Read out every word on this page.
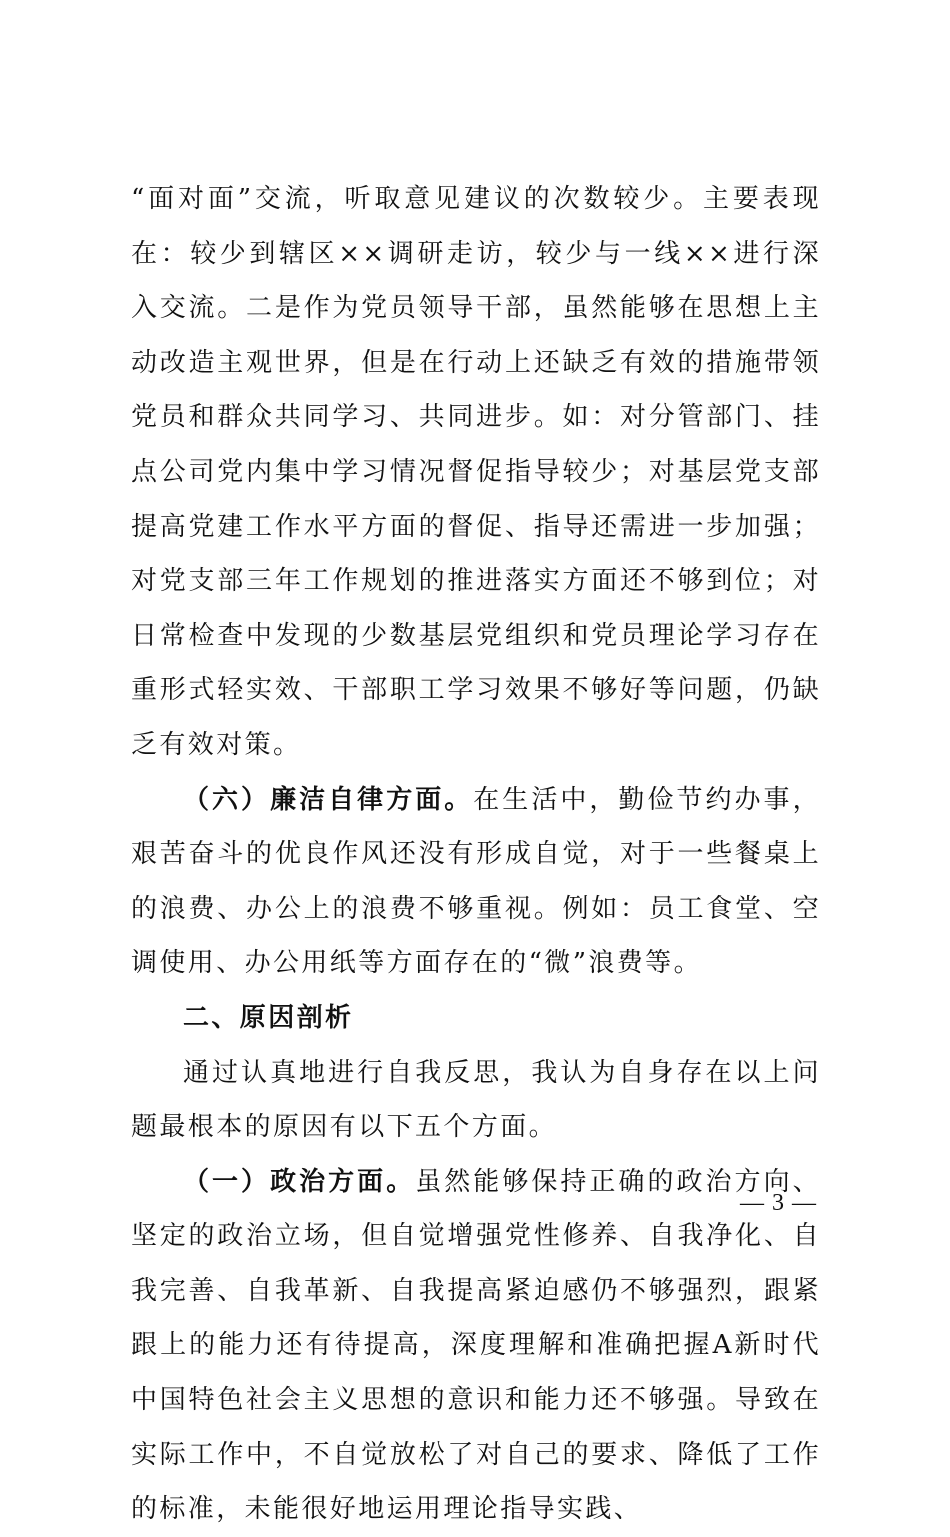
“面对面”交流，听取意见建议的次数较少。主要表现在：较少到辖区××调研走访，较少与一线××进行深入交流。二是作为党员领导干部，虽然能够在思想上主动改造主观世界，但是在行动上还缺乏有效的措施带领党员和群众共同学习、共同进步。如：对分管部门、挂点公司党内集中学习情况督促指导较少；对基层党支部提高党建工作水平方面的督促、指导还需进一步加强；对党支部三年工作规划的推进落实方面还不够到位；对日常检查中发现的少数基层党组织和党员理论学习存在重形式轻实效、干部职工学习效果不够好等问题，仍缺乏有效对策。

（六）廉洁自律方面。在生活中，勤俭节约办事，艰苦奋斗的优良作风还没有形成自觉，对于一些餐桌上的浪费、办公上的浪费不够重视。例如：员工食堂、空调使用、办公用纸等方面存在的“微”浪费等。

二、原因剖析

通过认真地进行自我反思，我认为自身存在以上问题最根本的原因有以下五个方面。

（一）政治方面。虽然能够保持正确的政治方向、坚定的政治立场，但自觉增强党性修养、自我净化、自我完善、自我革新、自我提高紧迫感仍不够强烈，跟紧跟上的能力还有待提高，深度理解和准确把握A新时代中国特色社会主义思想的意识和能力还不够强。导致在实际工作中，不自觉放松了对自己的要求、降低了工作的标准，未能很好地运用理论指导实践、

— 3 —
